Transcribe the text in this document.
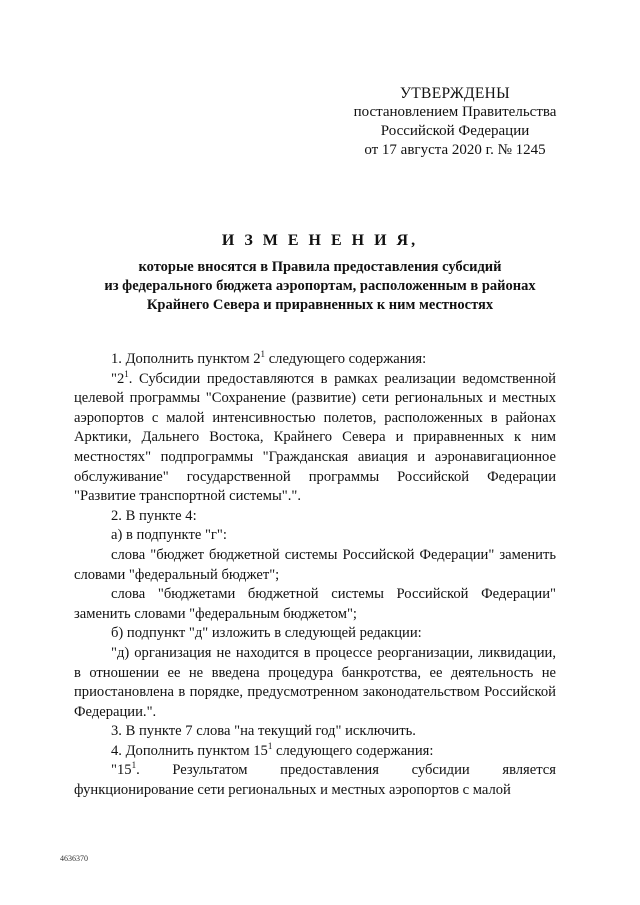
УТВЕРЖДЕНЫ
постановлением Правительства
Российской Федерации
от 17 августа 2020 г. № 1245
И З М Е Н Е Н И Я,
которые вносятся в Правила предоставления субсидий
из федерального бюджета аэропортам, расположенным в районах
Крайнего Севера и приравненных к ним местностях

1. Дополнить пунктом $2^1$ следующего содержания:

"$2^1$. Субсидии предоставляются в рамках реализации ведомственной целевой программы "Сохранение (развитие) сети региональных и местных аэропортов с малой интенсивностью полетов, расположенных в районах Арктики, Дальнего Востока, Крайнего Севера и приравненных к ним местностях" подпрограммы "Гражданская авиация и аэронавигационное обслуживание" государственной программы Российской Федерации "Развитие транспортной системы".".

2. В пункте 4:

а) в подпункте "г":

слова "бюджет бюджетной системы Российской Федерации" заменить словами "федеральный бюджет";

слова "бюджетами бюджетной системы Российской Федерации" заменить словами "федеральным бюджетом";

б) подпункт "д" изложить в следующей редакции:

"д) организация не находится в процессе реорганизации, ликвидации, в отношении ее не введена процедура банкротства, ее деятельность не приостановлена в порядке, предусмотренном законодательством Российской Федерации.".

3. В пункте 7 слова "на текущий год" исключить.

4. Дополнить пунктом $15^1$ следующего содержания:

"$15^1$. Результатом предоставления субсидии является функционирование сети региональных и местных аэропортов с малой

4636370
